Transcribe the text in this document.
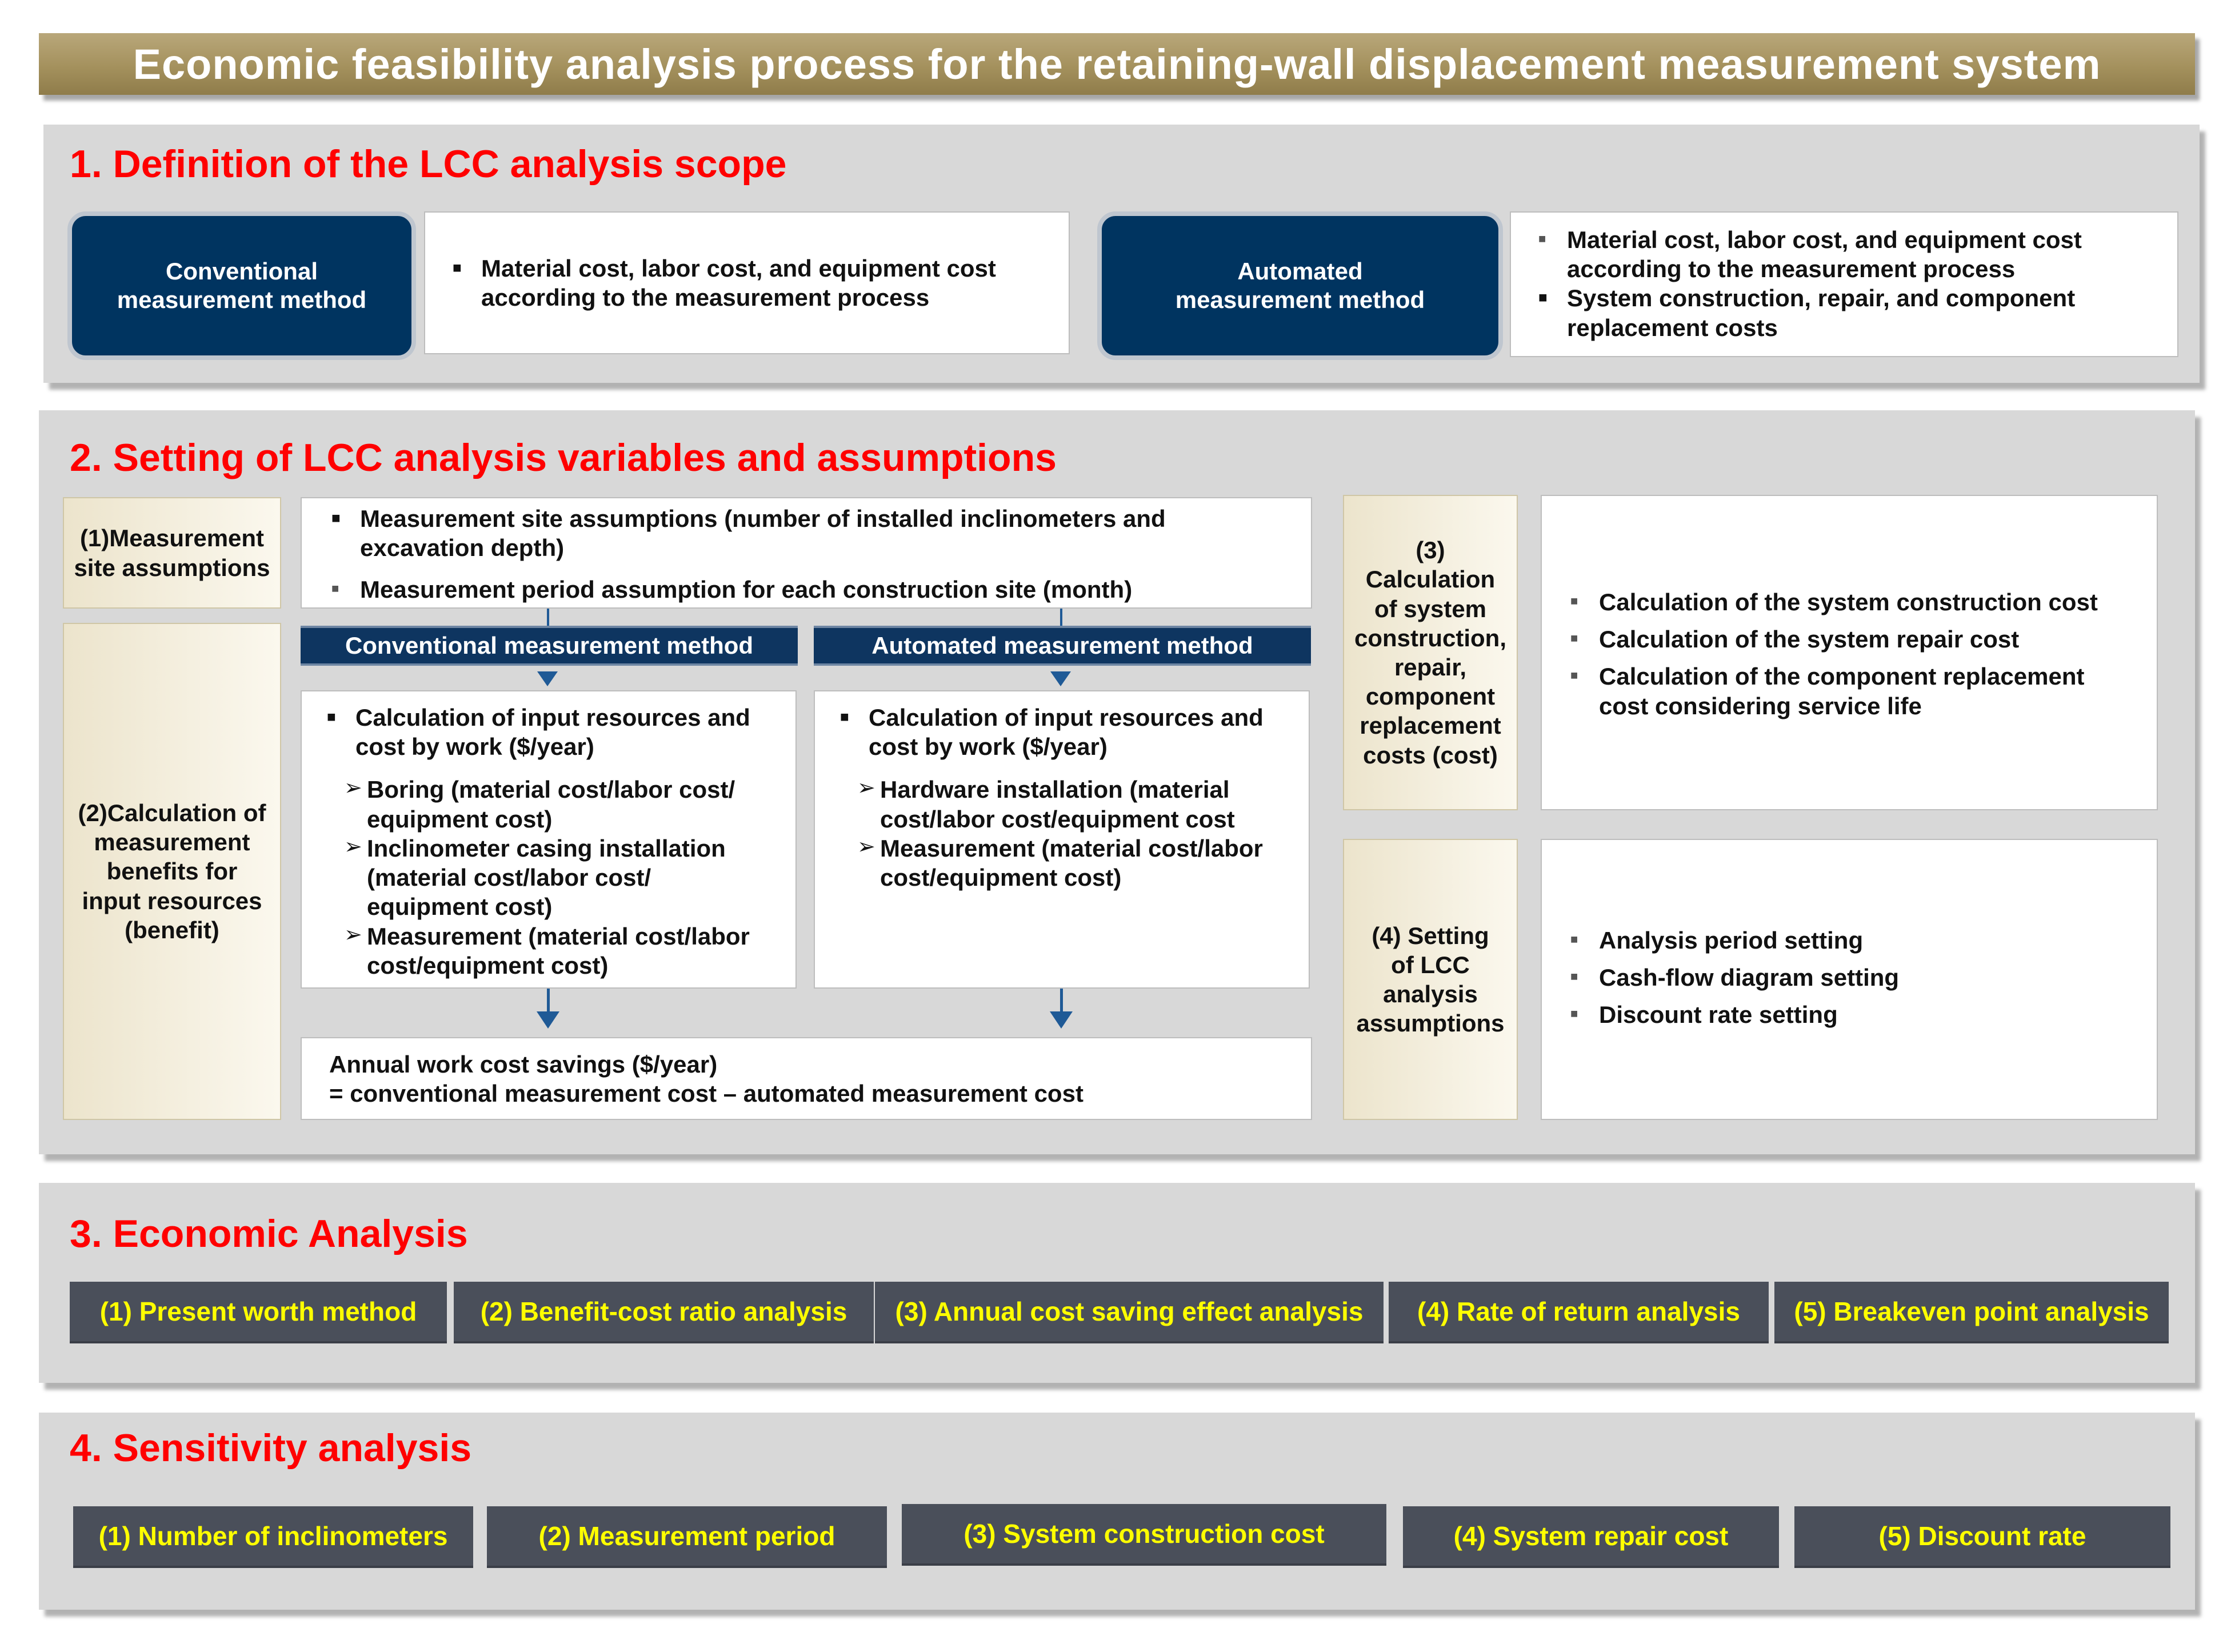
Economic feasibility analysis process for the retaining-wall displacement measurement system
1. Definition of the LCC analysis scope
Conventional
measurement method
■ Material cost, labor cost, and equipment cost
according to the measurement process
Automated
measurement method
■ Material cost, labor cost, and equipment cost
according to the measurement process
■ System construction, repair, and component
replacement costs
2. Setting of LCC analysis variables and assumptions
(1)Measurement
site assumptions
(2)Calculation of
measurement
benefits for
input resources
(benefit)
■ Measurement site assumptions (number of installed inclinometers and
excavation depth)
■ Measurement period assumption for each construction site (month)
Conventional measurement method	Automated measurement method
■ Calculation of input resources and
cost by work ($/year)
➢ Boring (material cost/labor cost/
equipment cost)
➢ Inclinometer casing installation
(material cost/labor cost/
equipment cost)
➢ Measurement (material cost/labor
cost/equipment cost)
■ Calculation of input resources and
cost by work ($/year)
➢ Hardware installation (material
cost/labor cost/equipment cost
➢ Measurement (material cost/labor
cost/equipment cost)
Annual work cost savings ($/year)
= conventional measurement cost – automated measurement cost
(3)
Calculation
of system
construction,
repair,
component
replacement
costs (cost)
■ Calculation of the system construction cost
■ Calculation of the system repair cost
■ Calculation of the component replacement
cost considering service life
(4) Setting
of LCC
analysis
assumptions
■ Analysis period setting
■ Cash-flow diagram setting
■ Discount rate setting
3. Economic Analysis
(1) Present worth method (2) Benefit-cost ratio analysis (3) Annual cost saving effect analysis (4) Rate of return analysis (5) Breakeven point analysis
4. Sensitivity analysis
(1) Number of inclinometers	(2) Measurement period	(3) System construction cost	(4) System repair cost	(5) Discount rate
